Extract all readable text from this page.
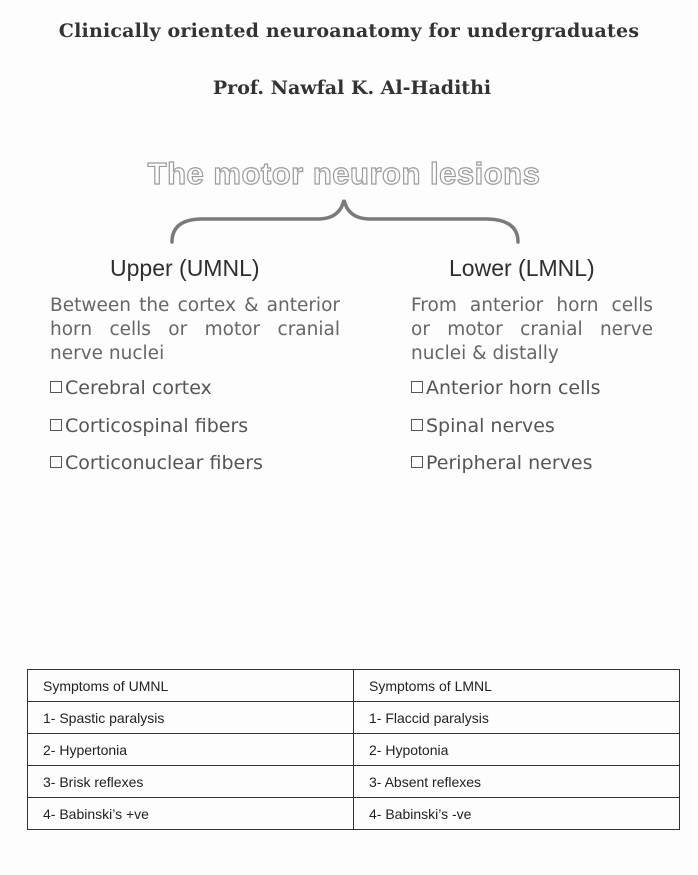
Clinically oriented neuroanatomy for undergraduates
Prof. Nawfal K. Al-Hadithi
The motor neuron lesions
Upper (UMNL)

Between the cortex & anterior horn cells or motor cranial nerve nuclei

Cerebral cortex
Corticospinal fibers
Corticonuclear fibers
Lower (LMNL)

From anterior horn cells or motor cranial nerve nuclei & distally

Anterior horn cells
Spinal nerves
Peripheral nerves
Symptoms of UMNL	Symptoms of LMNL
1- Spastic paralysis	1- Flaccid paralysis
2- Hypertonia	2- Hypotonia
3- Brisk reflexes	3- Absent reflexes
4- Babinski’s +ve	4- Babinski’s -ve
